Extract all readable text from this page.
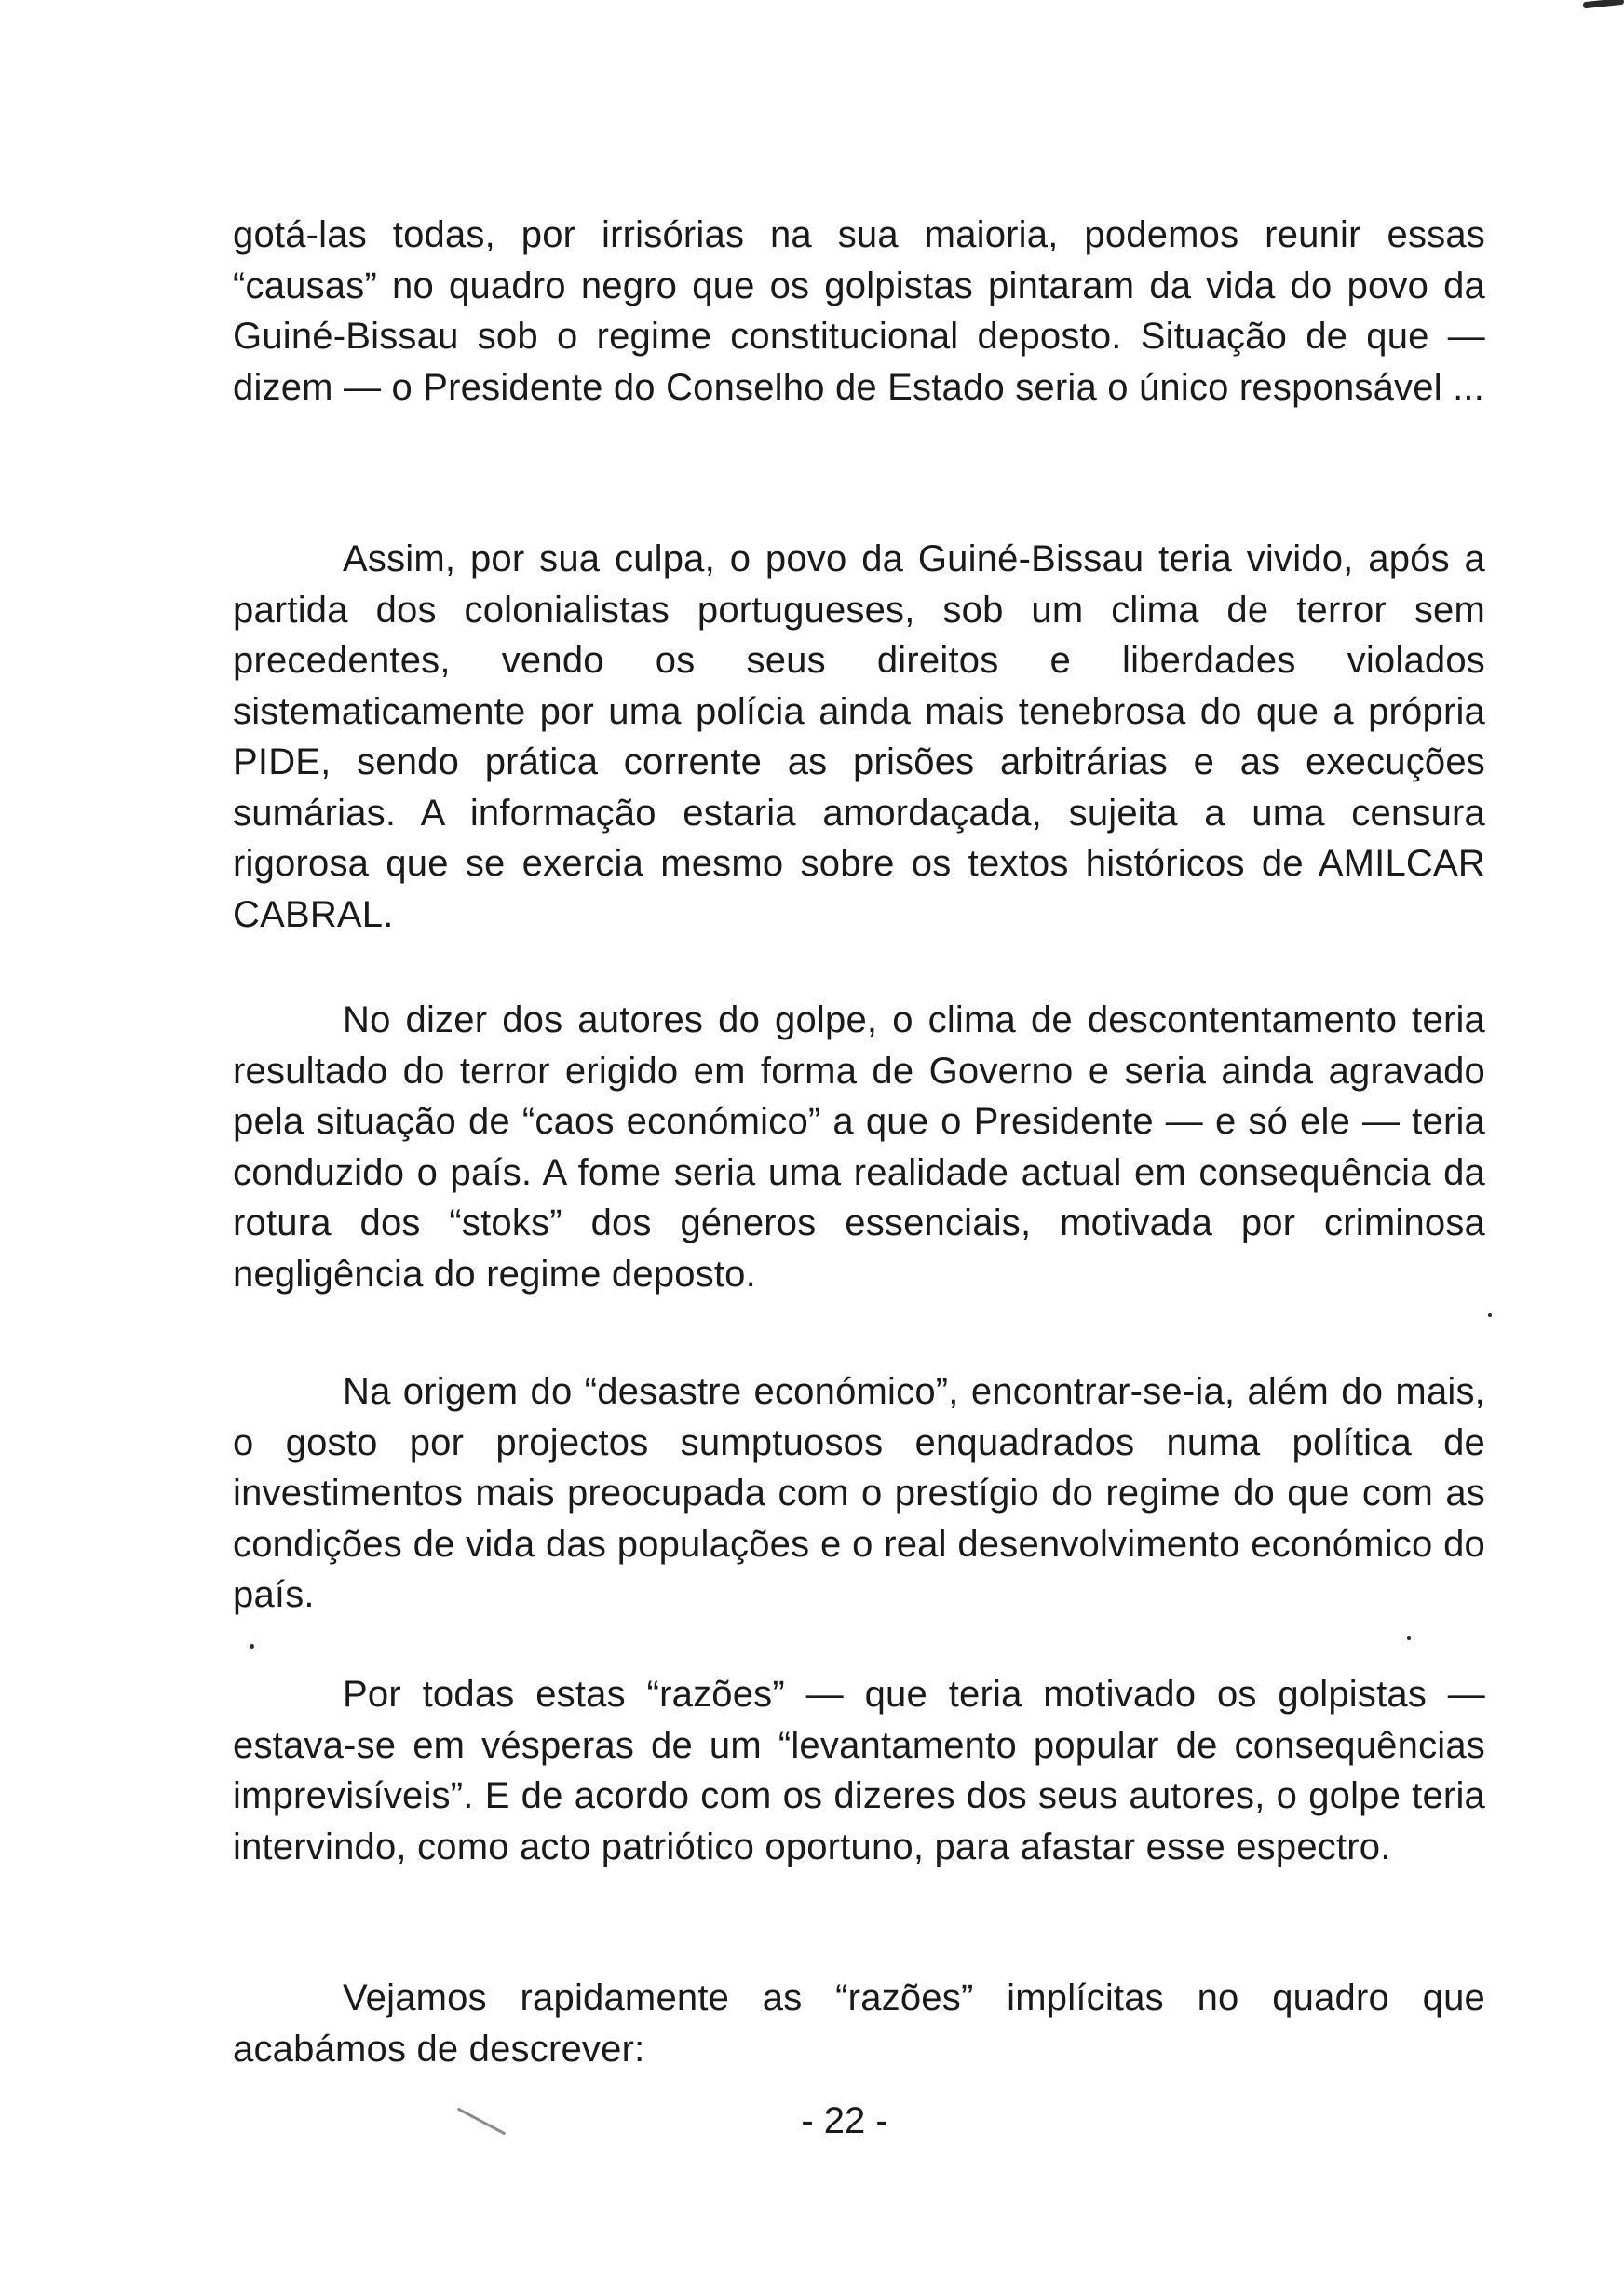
gotá-las todas, por irrisórias na sua maioria, podemos reunir essas “causas” no quadro negro que os golpistas pintaram da vida do povo da Guiné-Bissau sob o regime constitucional deposto. Situação de que — dizem — o Presidente do Conselho de Estado seria o único responsável ...

Assim, por sua culpa, o povo da Guiné-Bissau teria vivido, após a partida dos colonialistas portugueses, sob um clima de terror sem precedentes, vendo os seus direitos e liberdades violados sistematicamente por uma polícia ainda mais tenebrosa do que a própria PIDE, sendo prática corrente as prisões arbitrárias e as execuções sumárias. A informação estaria amordaçada, sujeita a uma censura rigorosa que se exercia mesmo sobre os textos históricos de AMILCAR CABRAL.

No dizer dos autores do golpe, o clima de descontentamento teria resultado do terror erigido em forma de Governo e seria ainda agravado pela situação de “caos económico” a que o Presidente — e só ele — teria conduzido o país. A fome seria uma realidade actual em consequência da rotura dos “stoks” dos géneros essenciais, motivada por criminosa negligência do regime deposto.

Na origem do “desastre económico”, encontrar-se-ia, além do mais, o gosto por projectos sumptuosos enquadrados numa política de investimentos mais preocupada com o prestígio do regime do que com as condições de vida das populações e o real desenvolvimento económico do país.

Por todas estas “razões” — que teria motivado os golpistas — estava-se em vésperas de um “levantamento popular de consequências imprevisíveis”. E de acordo com os dizeres dos seus autores, o golpe teria intervindo, como acto patriótico oportuno, para afastar esse espectro.

Vejamos rapidamente as “razões” implícitas no quadro que acabámos de descrever:

- 22 -
